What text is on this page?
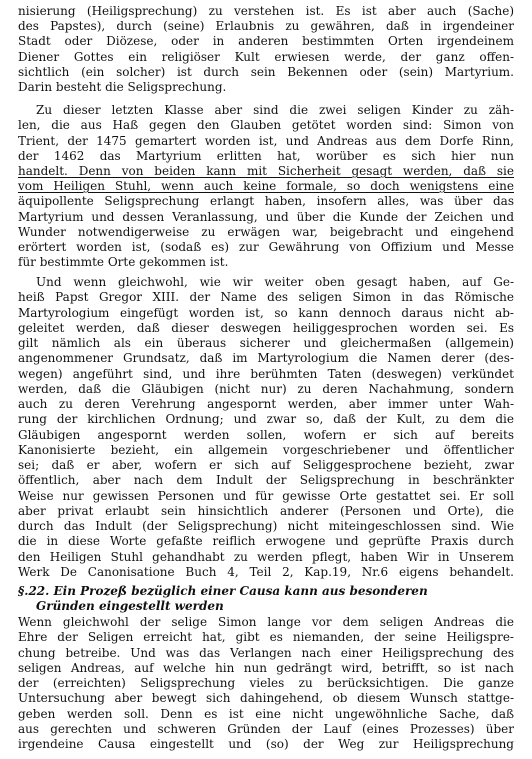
nisierung (Heiligsprechung) zu verstehen ist. Es ist aber auch (Sache)
des Papstes), durch (seine) Erlaubnis zu gewähren, daß in irgendeiner
Stadt oder Diözese, oder in anderen bestimmten Orten irgendeinem
Diener Gottes ein religiöser Kult erwiesen werde, der ganz offen-
sichtlich (ein solcher) ist durch sein Bekennen oder (sein) Martyrium.
Darin besteht die Seligsprechung.
Zu dieser letzten Klasse aber sind die zwei seligen Kinder zu zäh-
len, die aus Haß gegen den Glauben getötet worden sind: Simon von
Trient, der 1475 gemartert worden ist, und Andreas aus dem Dorfe Rinn,
der 1462 das Martyrium erlitten hat, worüber es sich hier nun
handelt. Denn von beiden kann mit Sicherheit gesagt werden, daß sie
vom Heiligen Stuhl, wenn auch keine formale, so doch wenigstens eine
äquipollente Seligsprechung erlangt haben, insofern alles, was über das
Martyrium und dessen Veranlassung, und über die Kunde der Zeichen und
Wunder notwendigerweise zu erwägen war, beigebracht und eingehend
erörtert worden ist, (sodaß es) zur Gewährung von Offizium und Messe
für bestimmte Orte gekommen ist.
Und wenn gleichwohl, wie wir weiter oben gesagt haben, auf Ge-
heiß Papst Gregor XIII. der Name des seligen Simon in das Römische
Martyrologium eingefügt worden ist, so kann dennoch daraus nicht ab-
geleitet werden, daß dieser deswegen heiliggesprochen worden sei. Es
gilt nämlich als ein überaus sicherer und gleichermaßen (allgemein)
angenommener Grundsatz, daß im Martyrologium die Namen derer (des-
wegen) angeführt sind, und ihre berühmten Taten (deswegen) verkündet
werden, daß die Gläubigen (nicht nur) zu deren Nachahmung, sondern
auch zu deren Verehrung angespornt werden, aber immer unter Wah-
rung der kirchlichen Ordnung; und zwar so, daß der Kult, zu dem die
Gläubigen angespornt werden sollen, wofern er sich auf bereits
Kanonisierte bezieht, ein allgemein vorgeschriebener und öffentlicher
sei; daß er aber, wofern er sich auf Seliggesprochene bezieht, zwar
öffentlich, aber nach dem Indult der Seligsprechung in beschränkter
Weise nur gewissen Personen und für gewisse Orte gestattet sei. Er soll
aber privat erlaubt sein hinsichtlich anderer (Personen und Orte), die
durch das Indult (der Seligsprechung) nicht miteingeschlossen sind. Wie
die in diese Worte gefaßte reiflich erwogene und geprüfte Praxis durch
den Heiligen Stuhl gehandhabt zu werden pflegt, haben Wir in Unserem
Werk De Canonisatione Buch 4, Teil 2, Kap.19, Nr.6 eigens behandelt.
§.22. Ein Prozeß bezüglich einer Causa kann aus besonderen
Gründen eingestellt werden
Wenn gleichwohl der selige Simon lange vor dem seligen Andreas die
Ehre der Seligen erreicht hat, gibt es niemanden, der seine Heiligspre-
chung betreibe. Und was das Verlangen nach einer Heiligsprechung des
seligen Andreas, auf welche hin nun gedrängt wird, betrifft, so ist nach
der (erreichten) Seligsprechung vieles zu berücksichtigen. Die ganze
Untersuchung aber bewegt sich dahingehend, ob diesem Wunsch stattge-
geben werden soll. Denn es ist eine nicht ungewöhnliche Sache, daß
aus gerechten und schweren Gründen der Lauf (eines Prozesses) über
irgendeine Causa eingestellt und (so) der Weg zur Heiligsprechung
